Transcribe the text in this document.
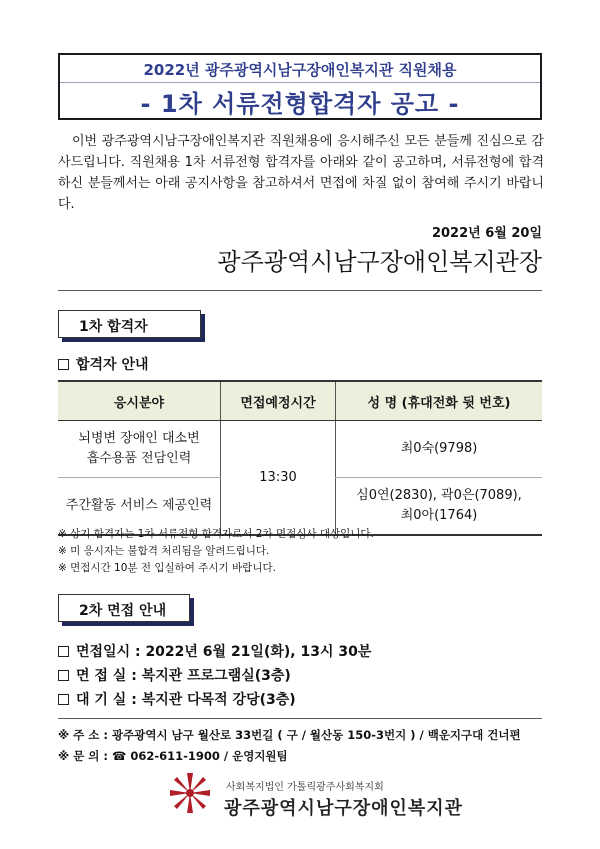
2022년 광주광역시남구장애인복지관 직원채용
- 1차 서류전형합격자 공고 -

이번 광주광역시남구장애인복지관 직원채용에 응시해주신 모든 분들께 진심으로 감사드립니다. 직원채용 1차 서류전형 합격자를 아래와 같이 공고하며, 서류전형에 합격하신 분들께서는 아래 공지사항을 참고하셔서 면접에 차질 없이 참여해 주시기 바랍니다.

2022년 6월 20일
광주광역시남구장애인복지관장
1차 합격자
합격자 안내
응시분야	면접예정시간	성 명 (휴대전화 뒷 번호)

뇌병변 장애인 대소변
흡수용품 전담인력	13:30	최0숙(9798)

주간활동 서비스 제공인력		심0연(2830), 곽0은(7089),
최0아(1764)
※ 상기 합격자는 1차 서류전형 합격자로서 2차 면접심사 대상입니다.
※ 미 응시자는 불합격 처리됨을 알려드립니다.
※ 면접시간 10분 전 입실하여 주시기 바랍니다.
2차 면접 안내
면접일시 : 2022년 6월 21일(화), 13시 30분
면 접 실 : 복지관 프로그램실(3층)
대 기 실 : 복지관 다목적 강당(3층)
※ 주 소 : 광주광역시 남구 월산로 33번길 ( 구 / 월산동 150-3번지 ) / 백운지구대 건너편
※ 문 의 : ☎ 062-611-1900 / 운영지원팀
사회복지법인 가톨릭광주사회복지회
광주광역시남구장애인복지관
